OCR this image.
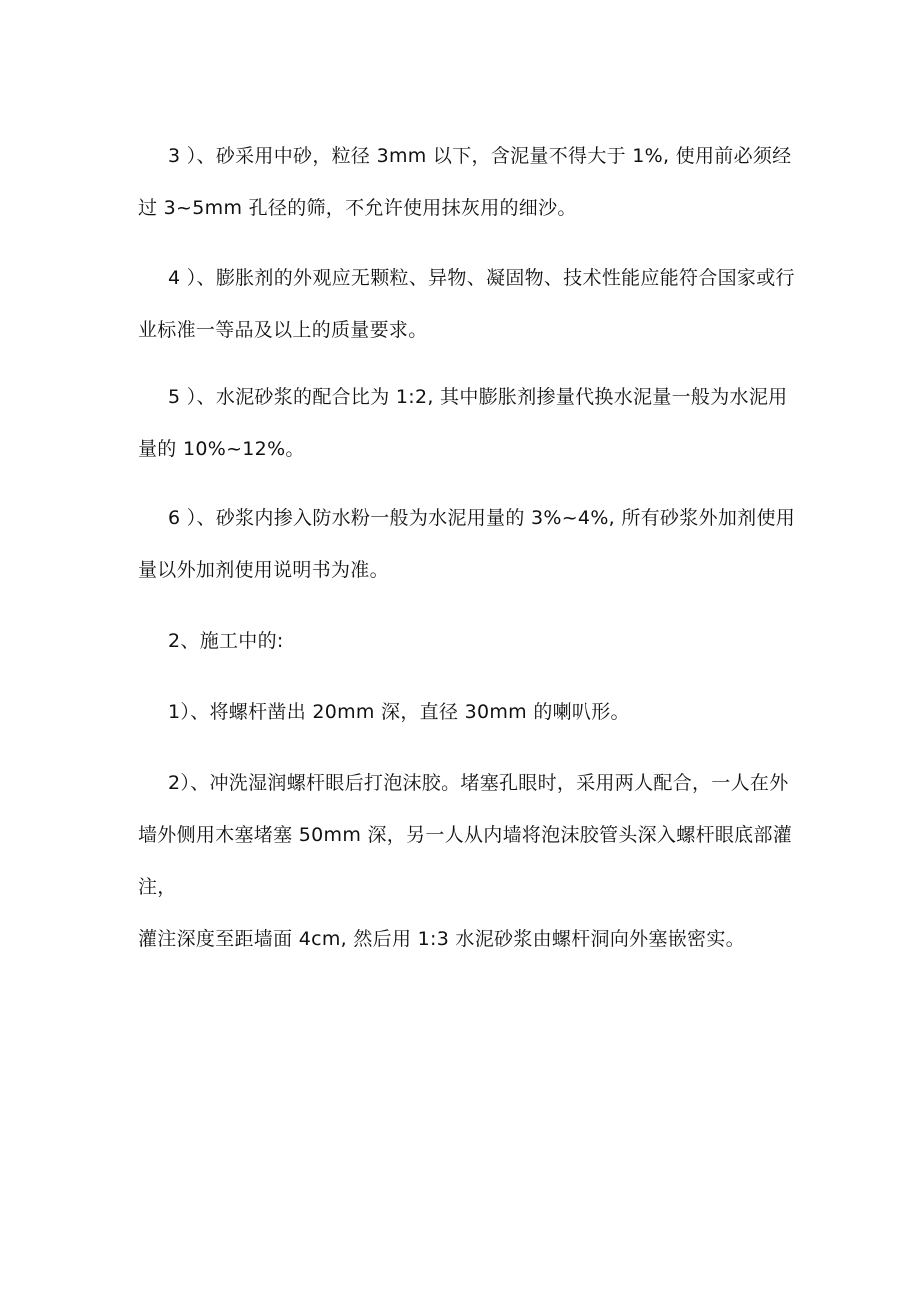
3 ）、砂采用中砂，粒径 3mm 以下，含泥量不得大于 1%, 使用前必须经
过 3~5mm 孔径的筛，不允许使用抹灰用的细沙。

4 ）、膨胀剂的外观应无颗粒、异物、凝固物、技术性能应能符合国家或行
业标准一等品及以上的质量要求。

5 ）、水泥砂浆的配合比为 1:2, 其中膨胀剂掺量代换水泥量一般为水泥用
量的 10%~12%。

6 ）、砂浆内掺入防水粉一般为水泥用量的 3%~4%, 所有砂浆外加剂使用
量以外加剂使用说明书为准。

2、施工中的:

1）、将螺杆凿出 20mm 深，直径 30mm 的喇叭形。

2）、冲洗湿润螺杆眼后打泡沫胶。堵塞孔眼时，采用两人配合，一人在外
墙外侧用木塞堵塞 50mm 深，另一人从内墙将泡沫胶管头深入螺杆眼底部灌注，
灌注深度至距墙面 4cm, 然后用 1:3 水泥砂浆由螺杆洞向外塞嵌密实。
